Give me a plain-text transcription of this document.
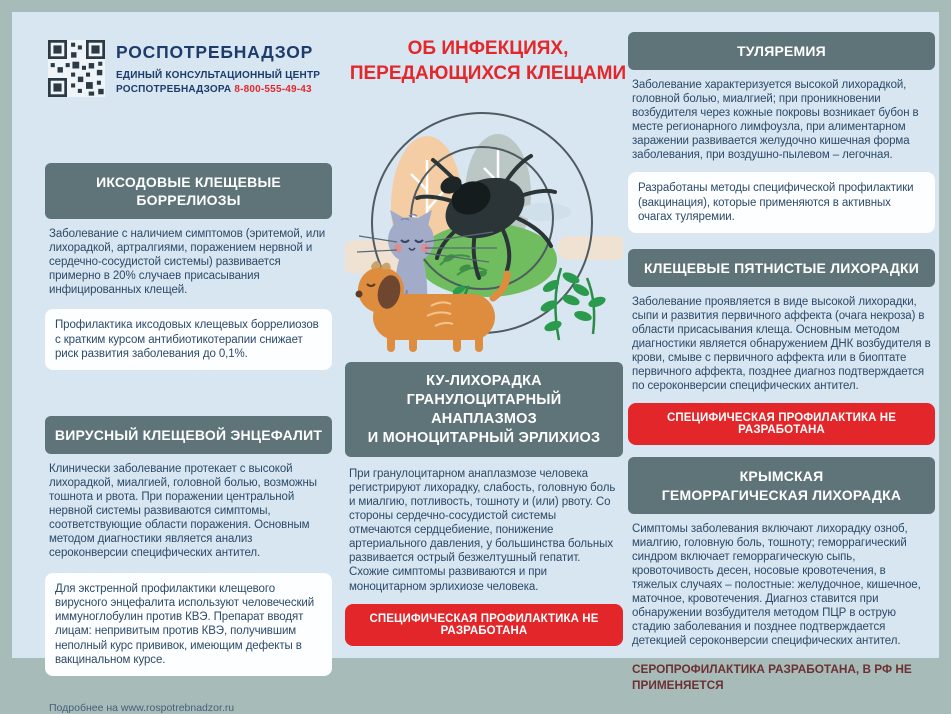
РОСПОТРЕБНАДЗОР
ЕДИНЫЙ КОНСУЛЬТАЦИОННЫЙ ЦЕНТР
РОСПОТРЕБНАДЗОРА 8-800-555-49-43
ОБ ИНФЕКЦИЯХ,
ПЕРЕДАЮЩИХСЯ КЛЕЩАМИ
ИКСОДОВЫЕ КЛЕЩЕВЫЕ БОРРЕЛИОЗЫ
Заболевание с наличием симптомов (эритемой, или лихорадкой, артралгиями, поражением нервной и сердечно-сосудистой системы) развивается примерно в 20% случаев присасывания инфицированных клещей.
Профилактика иксодовых клещевых боррелиозов с кратким курсом антибиотикотерапии снижает риск развития заболевания до 0,1%.
ВИРУСНЫЙ КЛЕЩЕВОЙ ЭНЦЕФАЛИТ
Клинически заболевание протекает с высокой лихорадкой, миалгией, головной болью, возможны тошнота и рвота. При поражении центральной нервной системы развиваются симптомы, соответствующие области поражения. Основным методом диагностики является анализ сероконверсии специфических антител.
Для экстренной профилактики клещевого вирусного энцефалита используют человеческий иммуноглобулин против КВЭ. Препарат вводят лицам: непривитым против КВЭ, получившим неполный курс прививок, имеющим дефекты в вакцинальном курсе.
Подробнее на www.rospotrebnadzor.ru
КУ-ЛИХОРАДКА
ГРАНУЛОЦИТАРНЫЙ АНАПЛАЗМОЗ
И МОНОЦИТАРНЫЙ ЭРЛИХИОЗ
При гранулоцитарном анаплазмозе человека регистрируют лихорадку, слабость, головную боль и миалгию, потливость, тошноту и (или) рвоту. Со стороны сердечно-сосудистой системы отмечаются сердцебиение, понижение артериального давления, у большинства больных развивается острый безжелтушный гепатит. Схожие симптомы развиваются и при моноцитарном эрлихиозе человека.
СПЕЦИФИЧЕСКАЯ ПРОФИЛАКТИКА НЕ РАЗРАБОТАНА
ТУЛЯРЕМИЯ
Заболевание характеризуется высокой лихорадкой, головной болью, миалгией; при проникновении возбудителя через кожные покровы возникает бубон в месте регионарного лимфоузла, при алиментарном заражении развивается желудочно кишечная форма заболевания, при воздушно-пылевом – легочная.
Разработаны методы специфической профилактики (вакцинация), которые применяются в активных очагах туляремии.
КЛЕЩЕВЫЕ ПЯТНИСТЫЕ ЛИХОРАДКИ
Заболевание проявляется в виде высокой лихорадки, сыпи и развития первичного аффекта (очага некроза) в области присасывания клеща. Основным методом диагностики является обнаружением ДНК возбудителя в крови, смыве с первичного аффекта или в биоптате первичного аффекта, позднее диагноз подтверждается по сероконверсии специфических антител.
СПЕЦИФИЧЕСКАЯ ПРОФИЛАКТИКА НЕ РАЗРАБОТАНА
КРЫМСКАЯ
ГЕМОРРАГИЧЕСКАЯ ЛИХОРАДКА
Симптомы заболевания включают лихорадку озноб, миалгию, головную боль, тошноту; геморрагический синдром включает геморрагическую сыпь, кровоточивость десен, носовые кровотечения, в тяжелых случаях – полостные: желудочное, кишечное, маточное, кровотечения. Диагноз ставится при обнаружении возбудителя методом ПЦР в острую стадию заболевания и позднее подтверждается детекцией сероконверсии специфических антител.
СЕРОПРОФИЛАКТИКА РАЗРАБОТАНА, В РФ НЕ ПРИМЕНЯЕТСЯ
